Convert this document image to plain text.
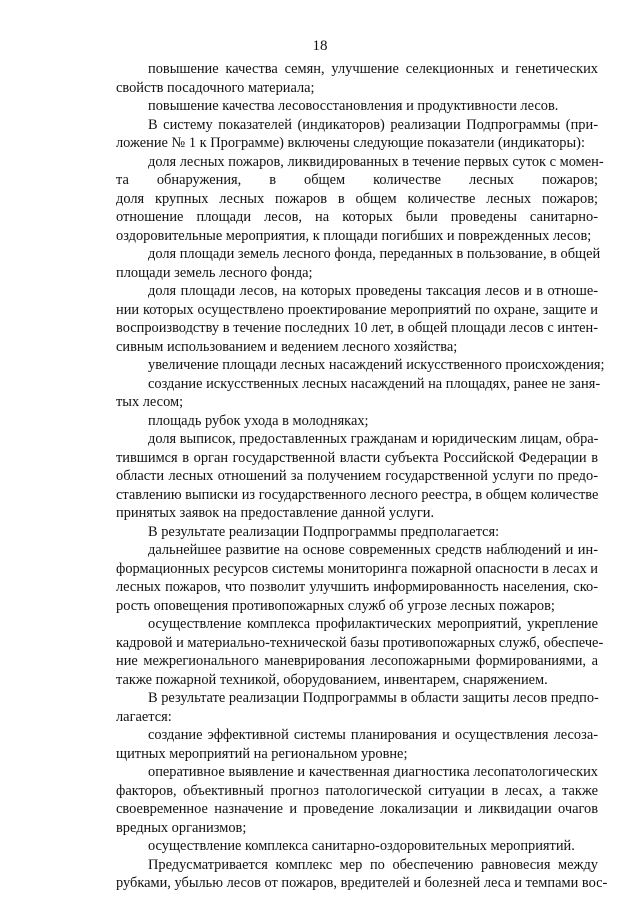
18
повышение качества семян, улучшение селекционных и генетических
свойств посадочного материала;
повышение качества лесовосстановления и продуктивности лесов.
В систему показателей (индикаторов) реализации Подпрограммы (при-
ложение № 1 к Программе) включены следующие показатели (индикаторы):
доля лесных пожаров, ликвидированных в течение первых суток с момен-
та обнаружения, в общем количестве лесных пожаров;
доля крупных лесных пожаров в общем количестве лесных пожаров;
отношение площади лесов, на которых были проведены санитарно-
оздоровительные мероприятия, к площади погибших и поврежденных лесов;
доля площади земель лесного фонда, переданных в пользование, в общей
площади земель лесного фонда;
доля площади лесов, на которых проведены таксация лесов и в отноше-
нии которых осуществлено проектирование мероприятий по охране, защите и
воспроизводству в течение последних 10 лет, в общей площади лесов с интен-
сивным использованием и ведением лесного хозяйства;
увеличение площади лесных насаждений искусственного происхождения;
создание искусственных лесных насаждений на площадях, ранее не заня-
тых лесом;
площадь рубок ухода в молодняках;
доля выписок, предоставленных гражданам и юридическим лицам, обра-
тившимся в орган государственной власти субъекта Российской Федерации в
области лесных отношений за получением государственной услуги по предо-
ставлению выписки из государственного лесного реестра, в общем количестве
принятых заявок на предоставление данной услуги.
В результате реализации Подпрограммы предполагается:
дальнейшее развитие на основе современных средств наблюдений и ин-
формационных ресурсов системы мониторинга пожарной опасности в лесах и
лесных пожаров, что позволит улучшить информированность населения, ско-
рость оповещения противопожарных служб об угрозе лесных пожаров;
осуществление комплекса профилактических мероприятий, укрепление
кадровой и материально-технической базы противопожарных служб, обеспече-
ние межрегионального маневрирования лесопожарными формированиями, а
также пожарной техникой, оборудованием, инвентарем, снаряжением.
В результате реализации Подпрограммы в области защиты лесов предпо-
лагается:
создание эффективной системы планирования и осуществления лесоза-
щитных мероприятий на региональном уровне;
оперативное выявление и качественная диагностика лесопатологических
факторов, объективный прогноз патологической ситуации в лесах, а также
своевременное назначение и проведение локализации и ликвидации очагов
вредных организмов;
осуществление комплекса санитарно-оздоровительных мероприятий.
Предусматривается комплекс мер по обеспечению равновесия между
рубками, убылью лесов от пожаров, вредителей и болезней леса и темпами вос-
